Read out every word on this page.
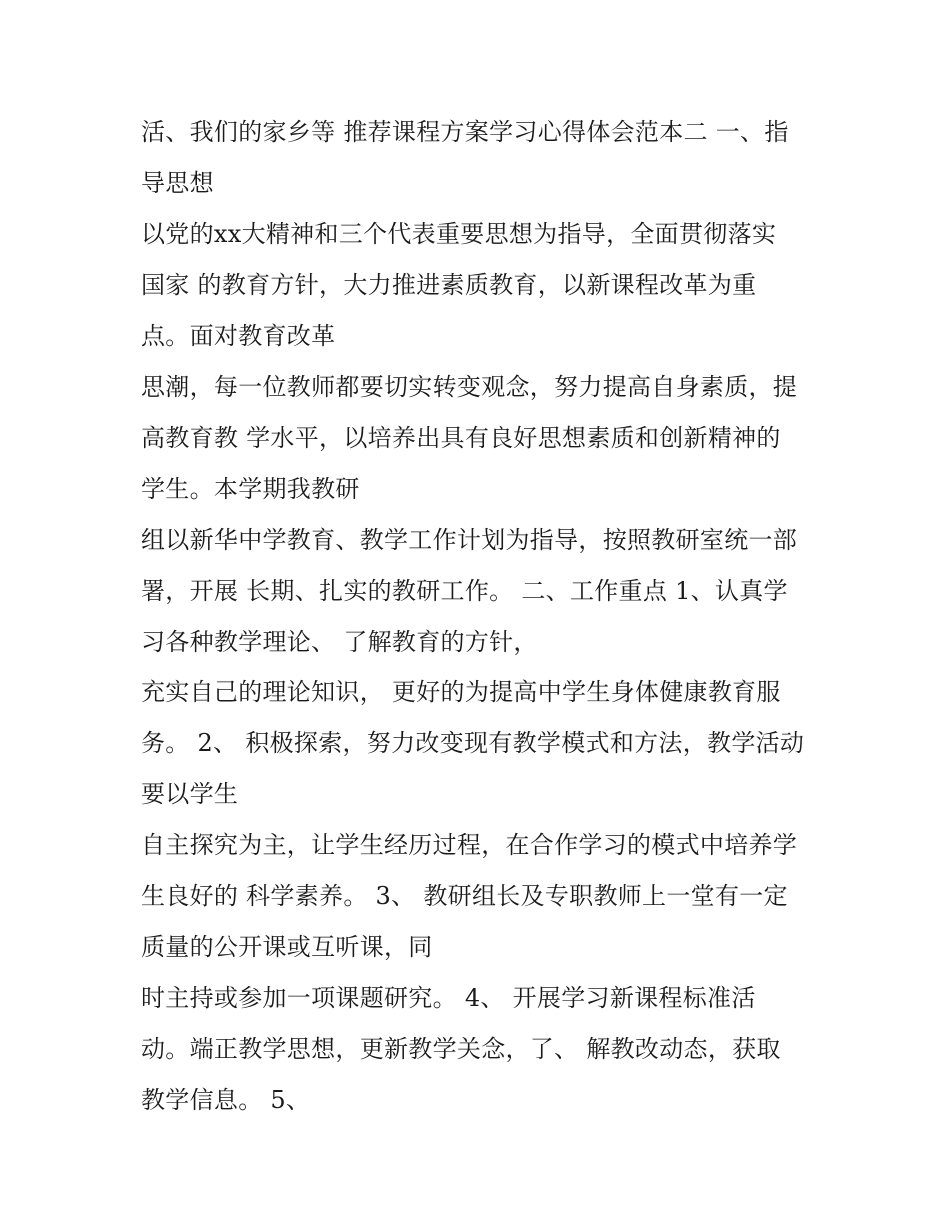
活、我们的家乡等 推荐课程方案学习心得体会范本二 一、指
导思想
以党的xx大精神和三个代表重要思想为指导，全面贯彻落实
国家 的教育方针，大力推进素质教育，以新课程改革为重
点。面对教育改革
思潮，每一位教师都要切实转变观念，努力提高自身素质，提
高教育教 学水平，以培养出具有良好思想素质和创新精神的
学生。本学期我教研
组以新华中学教育、教学工作计划为指导，按照教研室统一部
署，开展 长期、扎实的教研工作。 二、工作重点 1、认真学
习各种教学理论、 了解教育的方针，
充实自己的理论知识， 更好的为提高中学生身体健康教育服
务。 2、 积极探索，努力改变现有教学模式和方法，教学活动
要以学生
自主探究为主，让学生经历过程，在合作学习的模式中培养学
生良好的 科学素养。 3、 教研组长及专职教师上一堂有一定
质量的公开课或互听课，同
时主持或参加一项课题研究。 4、 开展学习新课程标准活
动。端正教学思想，更新教学关念，了、 解教改动态，获取
教学信息。 5、
